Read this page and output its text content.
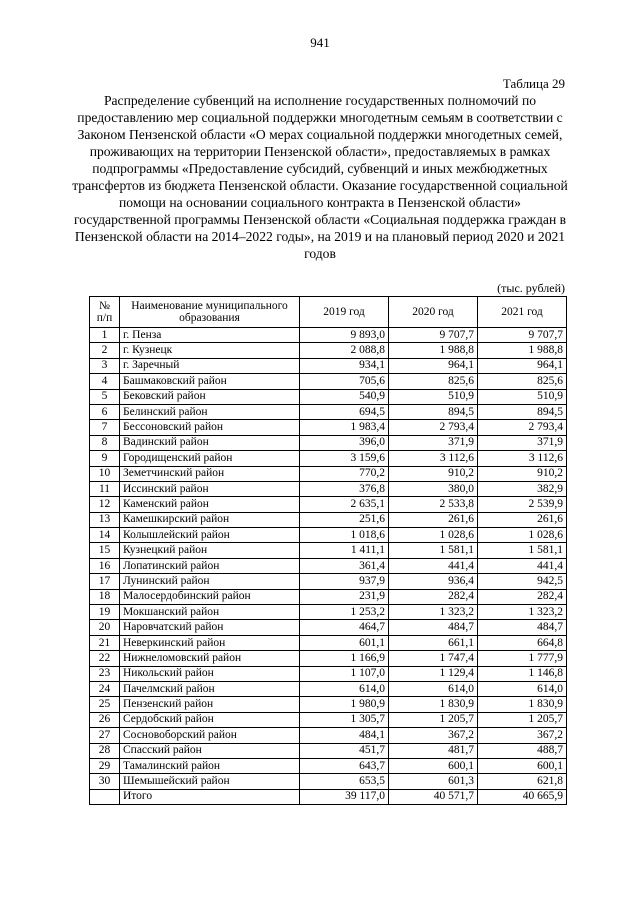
941
Таблица 29
Распределение субвенций на исполнение государственных полномочий по предоставлению мер социальной поддержки многодетным семьям в соответствии с Законом Пензенской области «О мерах социальной поддержки многодетных семей, проживающих на территории Пензенской области», предоставляемых в рамках подпрограммы «Предоставление субсидий, субвенций и иных межбюджетных трансфертов из бюджета Пензенской области. Оказание государственной социальной помощи на основании социального контракта в Пензенской области» государственной программы Пензенской области «Социальная поддержка граждан в Пензенской области на 2014–2022 годы», на 2019 и на плановый период 2020 и 2021 годов
(тыс. рублей)
№ п/п	Наименование муниципального образования	2019 год	2020 год	2021 год
1	г. Пенза	9 893,0	9 707,7	9 707,7
2	г. Кузнецк	2 088,8	1 988,8	1 988,8
3	г. Заречный	934,1	964,1	964,1
4	Башмаковский район	705,6	825,6	825,6
5	Бековский район	540,9	510,9	510,9
6	Белинский район	694,5	894,5	894,5
7	Бессоновский район	1 983,4	2 793,4	2 793,4
8	Вадинский район	396,0	371,9	371,9
9	Городищенский район	3 159,6	3 112,6	3 112,6
10	Земетчинский район	770,2	910,2	910,2
11	Иссинский район	376,8	380,0	382,9
12	Каменский район	2 635,1	2 533,8	2 539,9
13	Камешкирский район	251,6	261,6	261,6
14	Колышлейский район	1 018,6	1 028,6	1 028,6
15	Кузнецкий район	1 411,1	1 581,1	1 581,1
16	Лопатинский район	361,4	441,4	441,4
17	Лунинский район	937,9	936,4	942,5
18	Малосердобинский район	231,9	282,4	282,4
19	Мокшанский район	1 253,2	1 323,2	1 323,2
20	Наровчатский район	464,7	484,7	484,7
21	Неверкинский район	601,1	661,1	664,8
22	Нижнеломовский район	1 166,9	1 747,4	1 777,9
23	Никольский район	1 107,0	1 129,4	1 146,8
24	Пачелмский район	614,0	614,0	614,0
25	Пензенский район	1 980,9	1 830,9	1 830,9
26	Сердобский район	1 305,7	1 205,7	1 205,7
27	Сосновоборский район	484,1	367,2	367,2
28	Спасский район	451,7	481,7	488,7
29	Тамалинский район	643,7	600,1	600,1
30	Шемышейский район	653,5	601,3	621,8
	Итого	39 117,0	40 571,7	40 665,9
